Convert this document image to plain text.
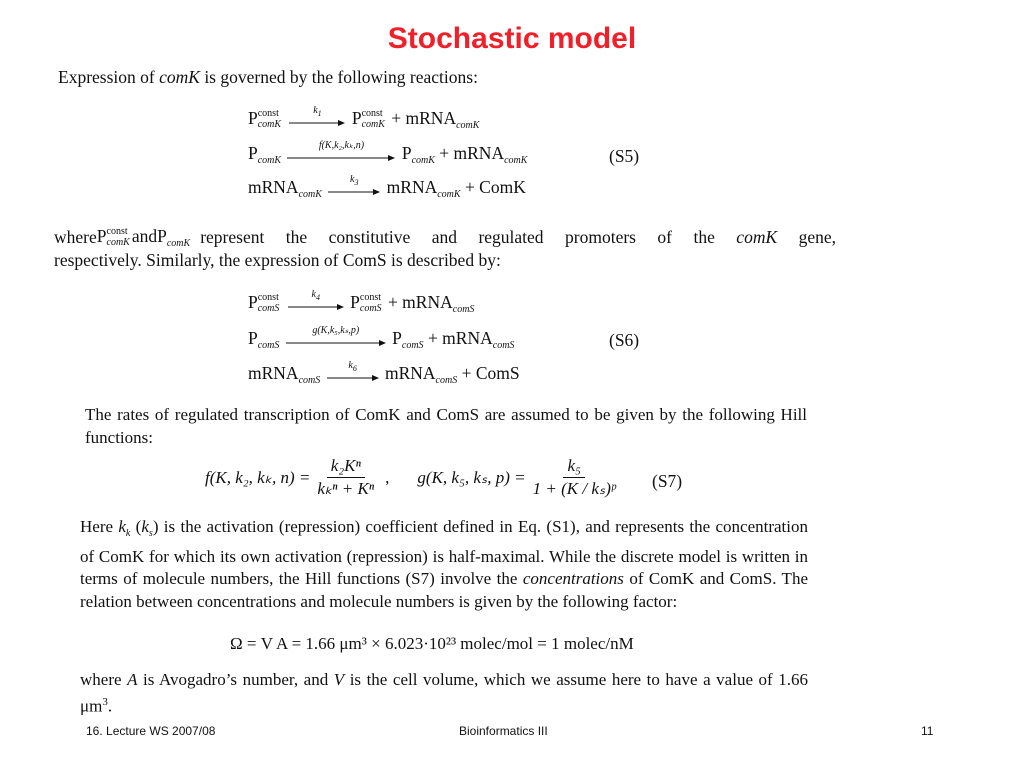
Stochastic model

Expression of comK is governed by the following reactions:

P const
comK

$k_1$	P const
comK + mRNA$_{comK}$
$P_{comK}$
f(K,k₂,kₖ,n)	$P_{comK}$ + mRNA$_{comK}$	(S5)
mRNA$_{comK}$
$k_3$	mRNA$_{comK}$ + ComK
where P const
comK and $P_{comK}$ represent the constitutive and regulated promoters of the comK gene,
respectively. Similarly, the expression of ComS is described by:
P const
comS

$k_4$	P const
comS + mRNA$_{comS}$
$P_{comS}$
g(K,k₅,kₛ,p)	$P_{comS}$ + mRNA$_{comS}$	(S6)
mRNA$_{comS}$
$k_6$	mRNA$_{comS}$ + ComS

The rates of regulated transcription of ComK and ComS are assumed to be given by the following Hill functions:

f(K, k₂, kₖ, $n) = \frac{\text{k₂Kⁿ}}{\text{kₖⁿ + Kⁿ}}$ , g(K, k₅, kₛ, $p) = \frac{\text{k₅}}{\text{1 + (K / kₛ)ᵖ}} (S7)$

Here $k_k$ $(k_s)$ is the activation (repression) coefficient defined in Eq. (S1), and represents the concentration of ComK for which its own activation (repression) is half-maximal. While the discrete model is written in terms of molecule numbers, the Hill functions (S7) involve the concentrations of ComK and ComS. The relation between concentrations and molecule numbers is given by the following factor:

Ω = V A = 1.66 μm³ × 6.023·10²³ molec/mol = 1 molec/nM

where A is Avogadro’s number, and V is the cell volume, which we assume here to have a value of 1.66 $\mu m^3$.

16. Lecture WS 2007/08	Bioinformatics III	11
